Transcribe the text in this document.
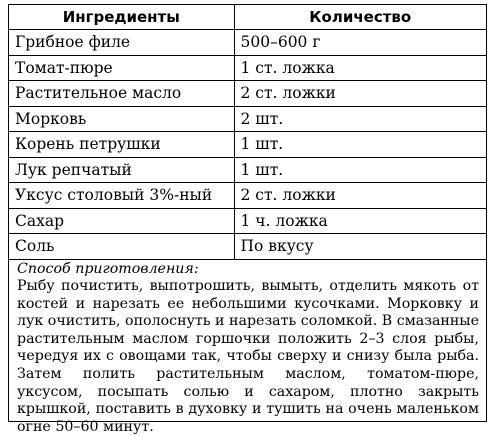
Ингредиенты	Количество
Грибное филе	500–600 г
Томат-пюре	1 ст. ложка
Растительное масло	2 ст. ложки
Морковь	2 шт.
Корень петрушки	1 шт.
Лук репчатый	1 шт.
Уксус столовый 3%-ный	2 ст. ложки
Сахар	1 ч. ложка
Соль	По вкусу
Способ приготовления:
Рыбу почистить, выпотрошить, вымыть, отделить мякоть от костей и нарезать ее небольшими кусочками. Морковку и лук очистить, ополоснуть и нарезать соломкой. В смазанные растительным маслом горшочки положить 2–3 слоя рыбы, чередуя их с овощами так, чтобы сверху и снизу была рыба. Затем полить растительным маслом, томатом-пюре, уксусом, посыпать солью и сахаром, плотно закрыть крышкой, поставить в духовку и тушить на очень маленьком огне 50–60 минут.
